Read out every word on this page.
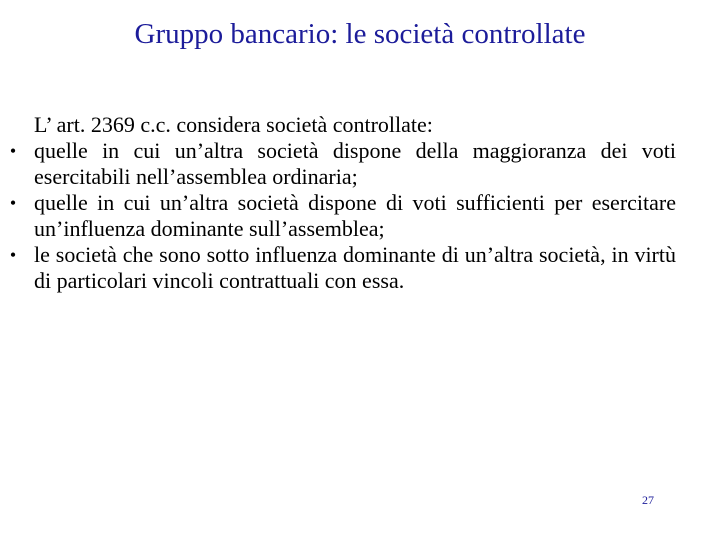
Gruppo bancario: le società controllate

L’ art. 2369 c.c. considera società controllate:

• quelle in cui un’altra società dispone della maggioranza dei voti esercitabili nell’assemblea ordinaria;
• quelle in cui un’altra società dispone di voti sufficienti per esercitare un’influenza dominante sull’assemblea;
• le società che sono sotto influenza dominante di un’altra società, in virtù di particolari vincoli contrattuali con essa.
27
